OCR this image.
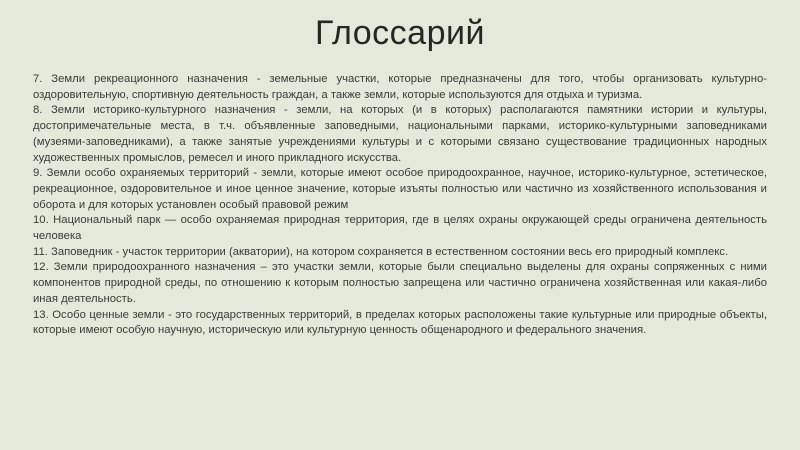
Глоссарий

7. Земли рекреационного назначения - земельные участки, которые предназначены для того, чтобы организовать культурно-оздоровительную, спортивную деятельность граждан, а также земли, которые используются для отдыха и туризма.

8. Земли историко-культурного назначения - земли, на которых (и в которых) располагаются памятники истории и культуры, достопримечательные места, в т.ч. объявленные заповедными, национальными парками, историко-культурными заповедниками (музеями-заповедниками), а также занятые учреждениями культуры и с которыми связано существование традиционных народных художественных промыслов, ремесел и иного прикладного искусства.

9. Земли особо охраняемых территорий - земли, которые имеют особое природоохранное, научное, историко-культурное, эстетическое, рекреационное, оздоровительное и иное ценное значение, которые изъяты полностью или частично из хозяйственного использования и оборота и для которых установлен особый правовой режим

10. Национальный парк — особо охраняемая природная территория, где в целях охраны окружающей среды ограничена деятельность человека

11. Заповедник - участок территории (акватории), на котором сохраняется в естественном состоянии весь его природный комплекс.

12. Земли природоохранного назначения – это участки земли, которые были специально выделены для охраны сопряженных с ними компонентов природной среды, по отношению к которым полностью запрещена или частично ограничена хозяйственная или какая-либо иная деятельность.

13. Особо ценные земли - это государственных территорий, в пределах которых расположены такие культурные или природные объекты, которые имеют особую научную, историческую или культурную ценность общенародного и федерального значения.
